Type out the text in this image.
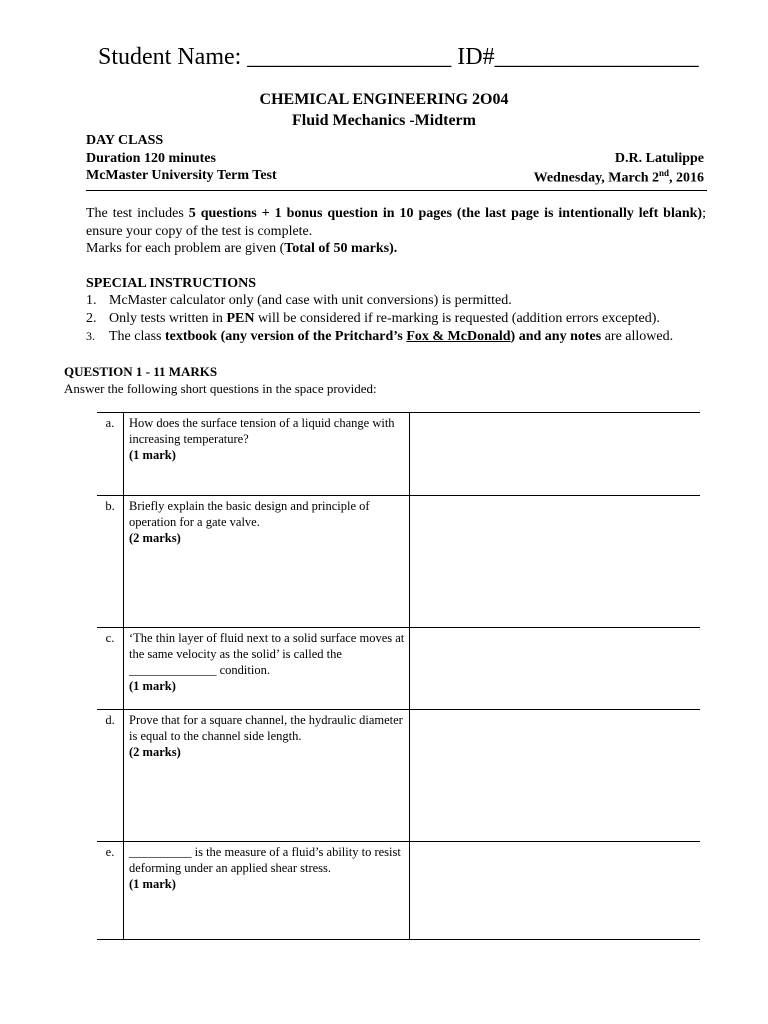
Student Name: _________________ ID#_________________
CHEMICAL ENGINEERING 2O04
Fluid Mechanics -Midterm
DAY CLASS
Duration 120 minutes	D.R. Latulippe
McMaster University Term Test	Wednesday, March 2nd, 2016
The test includes 5 questions + 1 bonus question in 10 pages (the last page is intentionally left blank); ensure your copy of the test is complete.
Marks for each problem are given (Total of 50 marks).
SPECIAL INSTRUCTIONS
1. McMaster calculator only (and case with unit conversions) is permitted.
2. Only tests written in PEN will be considered if re-marking is requested (addition errors excepted).
3. The class textbook (any version of the Pritchard’s Fox & McDonald) and any notes are allowed.
QUESTION 1 - 11 MARKS
Answer the following short questions in the space provided:
a.	How does the surface tension of a liquid change with increasing temperature?
(1 mark)	

b.	Briefly explain the basic design and principle of operation for a gate valve.
(2 marks)	

c.	‘The thin layer of fluid next to a solid surface moves at the same velocity as the solid’ is called the ______________ condition.
(1 mark)	

d.	Prove that for a square channel, the hydraulic diameter is equal to the channel side length.
(2 marks)	

e.	__________ is the measure of a fluid’s ability to resist deforming under an applied shear stress.
(1 mark)	
